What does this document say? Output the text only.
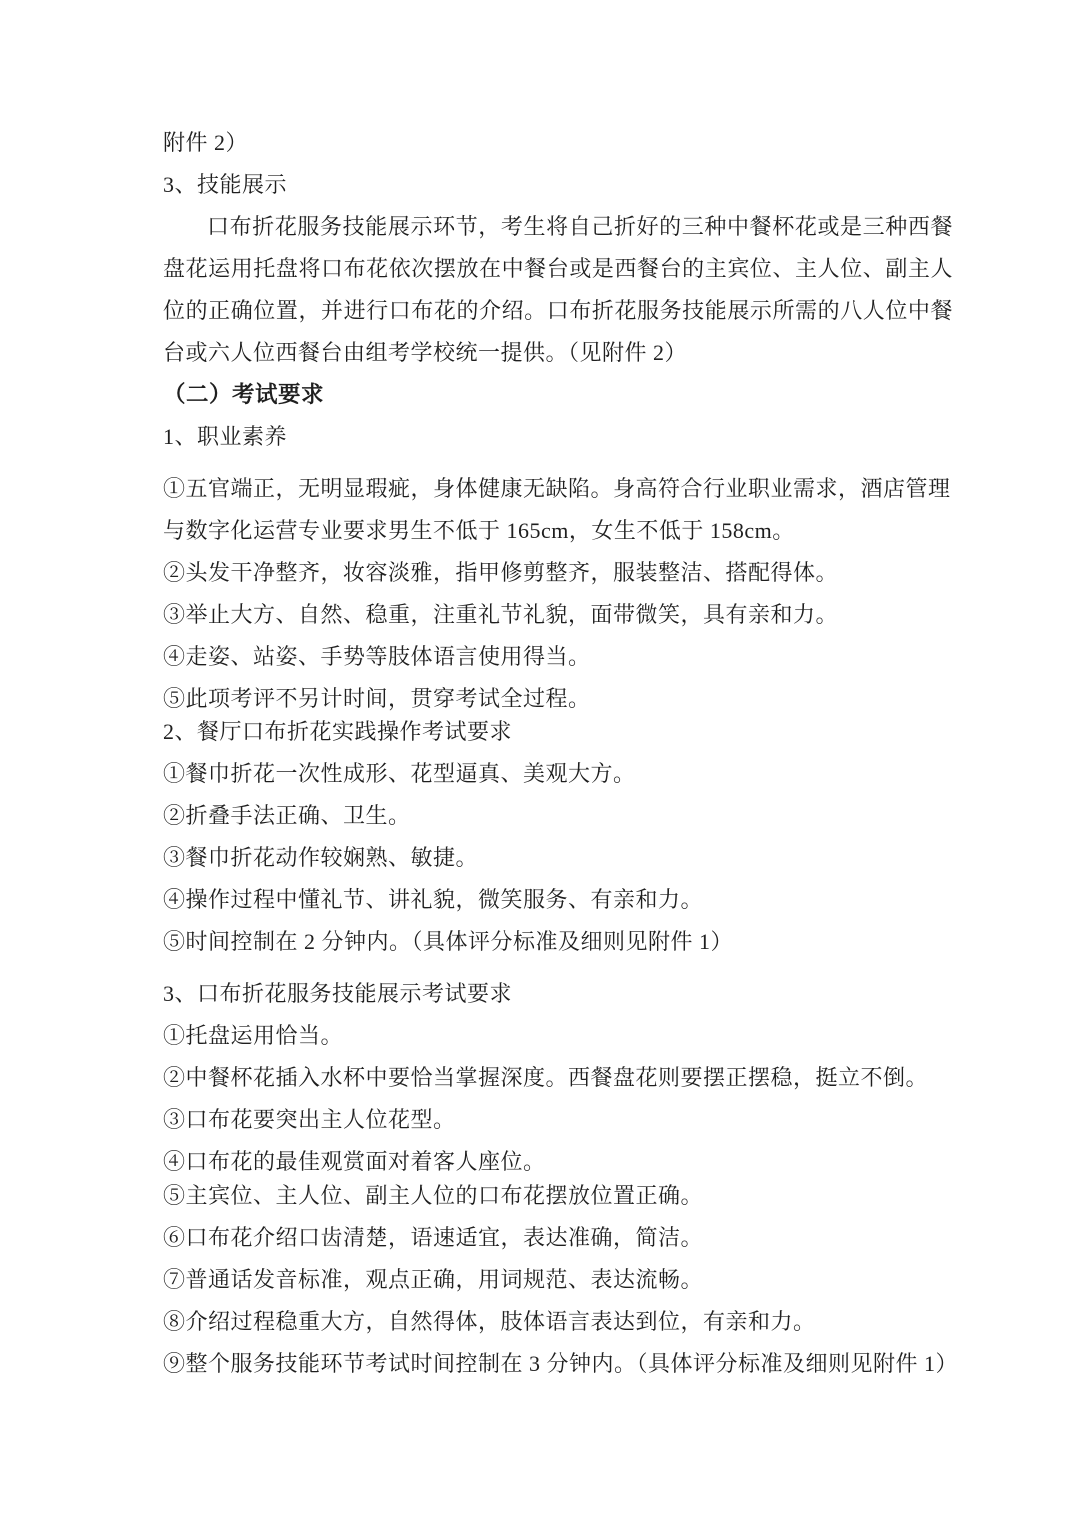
附件 2）
3、技能展示
口布折花服务技能展示环节，考生将自己折好的三种中餐杯花或是三种西餐盘花运用托盘将口布花依次摆放在中餐台或是西餐台的主宾位、主人位、副主人位的正确位置，并进行口布花的介绍。口布折花服务技能展示所需的八人位中餐台或六人位西餐台由组考学校统一提供。（见附件 2）
（二）考试要求
1、职业素养
①五官端正，无明显瑕疵，身体健康无缺陷。身高符合行业职业需求，酒店管理与数字化运营专业要求男生不低于 165cm，女生不低于 158cm。
②头发干净整齐，妆容淡雅，指甲修剪整齐，服装整洁、搭配得体。
③举止大方、自然、稳重，注重礼节礼貌，面带微笑，具有亲和力。
④走姿、站姿、手势等肢体语言使用得当。
⑤此项考评不另计时间，贯穿考试全过程。
2、餐厅口布折花实践操作考试要求
①餐巾折花一次性成形、花型逼真、美观大方。
②折叠手法正确、卫生。
③餐巾折花动作较娴熟、敏捷。
④操作过程中懂礼节、讲礼貌，微笑服务、有亲和力。
⑤时间控制在 2 分钟内。（具体评分标准及细则见附件 1）
3、口布折花服务技能展示考试要求
①托盘运用恰当。
②中餐杯花插入水杯中要恰当掌握深度。西餐盘花则要摆正摆稳，挺立不倒。
③口布花要突出主人位花型。
④口布花的最佳观赏面对着客人座位。
⑤主宾位、主人位、副主人位的口布花摆放位置正确。
⑥口布花介绍口齿清楚，语速适宜，表达准确，简洁。
⑦普通话发音标准，观点正确，用词规范、表达流畅。
⑧介绍过程稳重大方，自然得体，肢体语言表达到位，有亲和力。
⑨整个服务技能环节考试时间控制在 3 分钟内。（具体评分标准及细则见附件 1）
